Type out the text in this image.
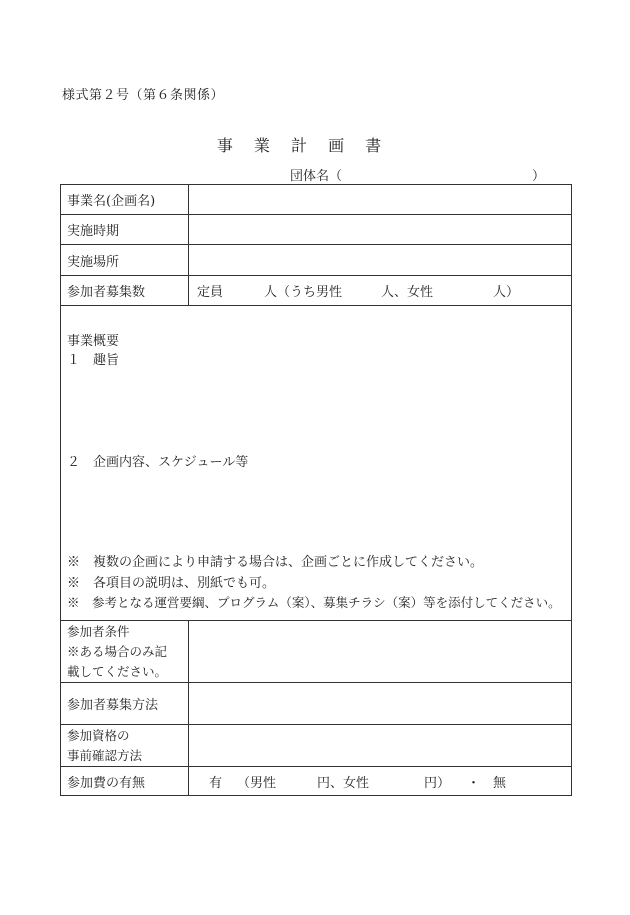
様式第２号（第６条関係）
事 業 計 画 書
団体名（	）
事業名(企画名)
実施時期
実施場所
参加者募集数	定員	人（うち男性	人、女性	人）
事業概要
１　趣旨
２　企画内容、スケジュール等
※　複数の企画により申請する場合は、企画ごとに作成してください。
※　各項目の説明は、別紙でも可。
※　参考となる運営要綱、プログラム（案）、募集チラシ（案）等を添付してください。
参加者条件
※ある場合のみ記
載してください。
参加者募集方法
参加資格の
事前確認方法
参加費の有無	有 （男性	円、女性	円） ・ 無
